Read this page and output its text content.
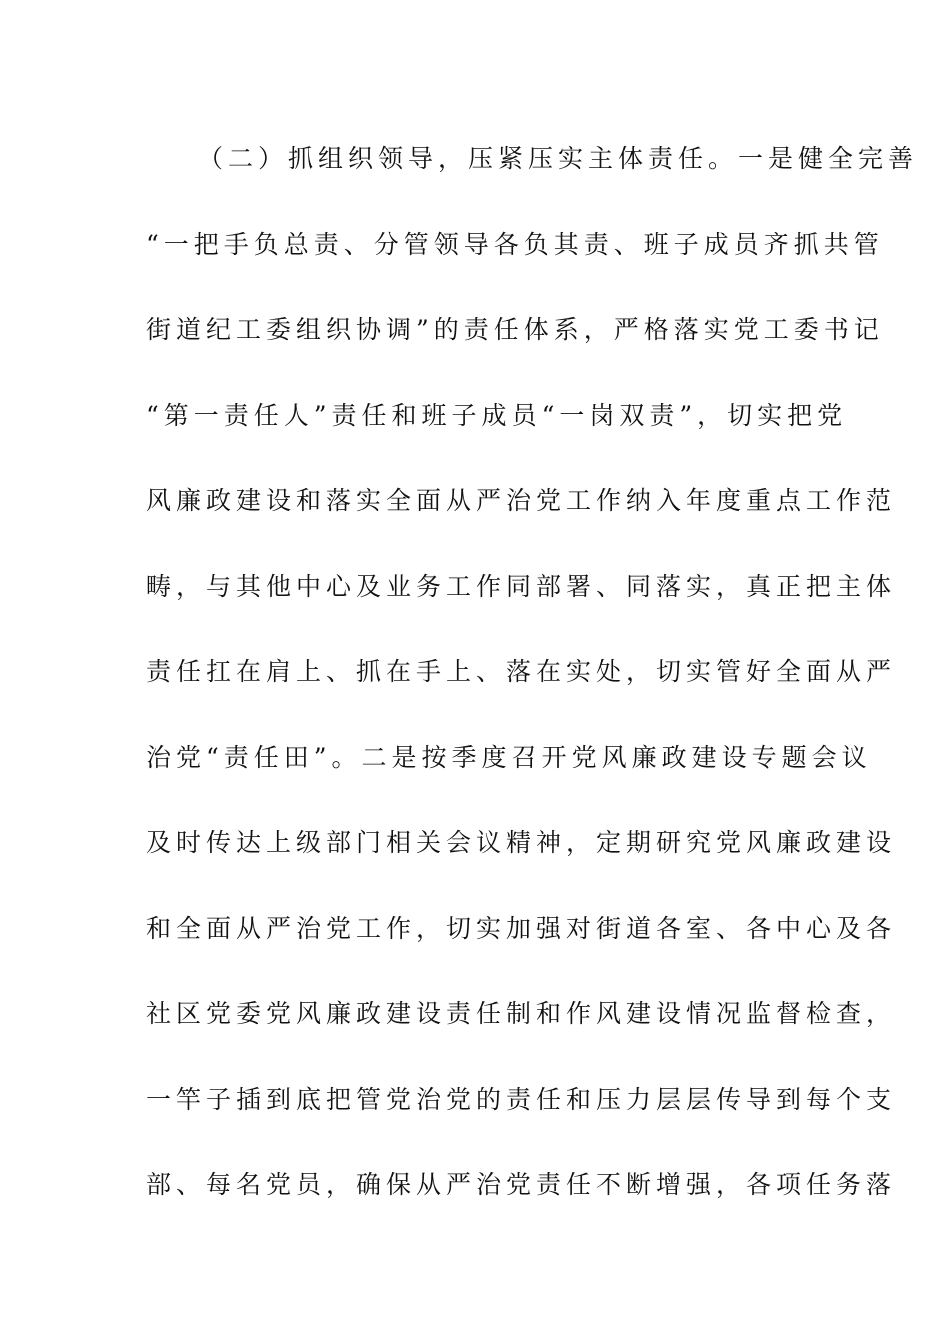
（二）抓组织领导，压紧压实主体责任。一是健全完善
“一把手负总责、分管领导各负其责、班子成员齐抓共管
街道纪工委组织协调”的责任体系，严格落实党工委书记
“第一责任人”责任和班子成员“一岗双责”，切实把党
风廉政建设和落实全面从严治党工作纳入年度重点工作范
畴，与其他中心及业务工作同部署、同落实，真正把主体
责任扛在肩上、抓在手上、落在实处，切实管好全面从严
治党“责任田”。二是按季度召开党风廉政建设专题会议
及时传达上级部门相关会议精神，定期研究党风廉政建设
和全面从严治党工作，切实加强对街道各室、各中心及各
社区党委党风廉政建设责任制和作风建设情况监督检查，
一竿子插到底把管党治党的责任和压力层层传导到每个支
部、每名党员，确保从严治党责任不断增强，各项任务落
